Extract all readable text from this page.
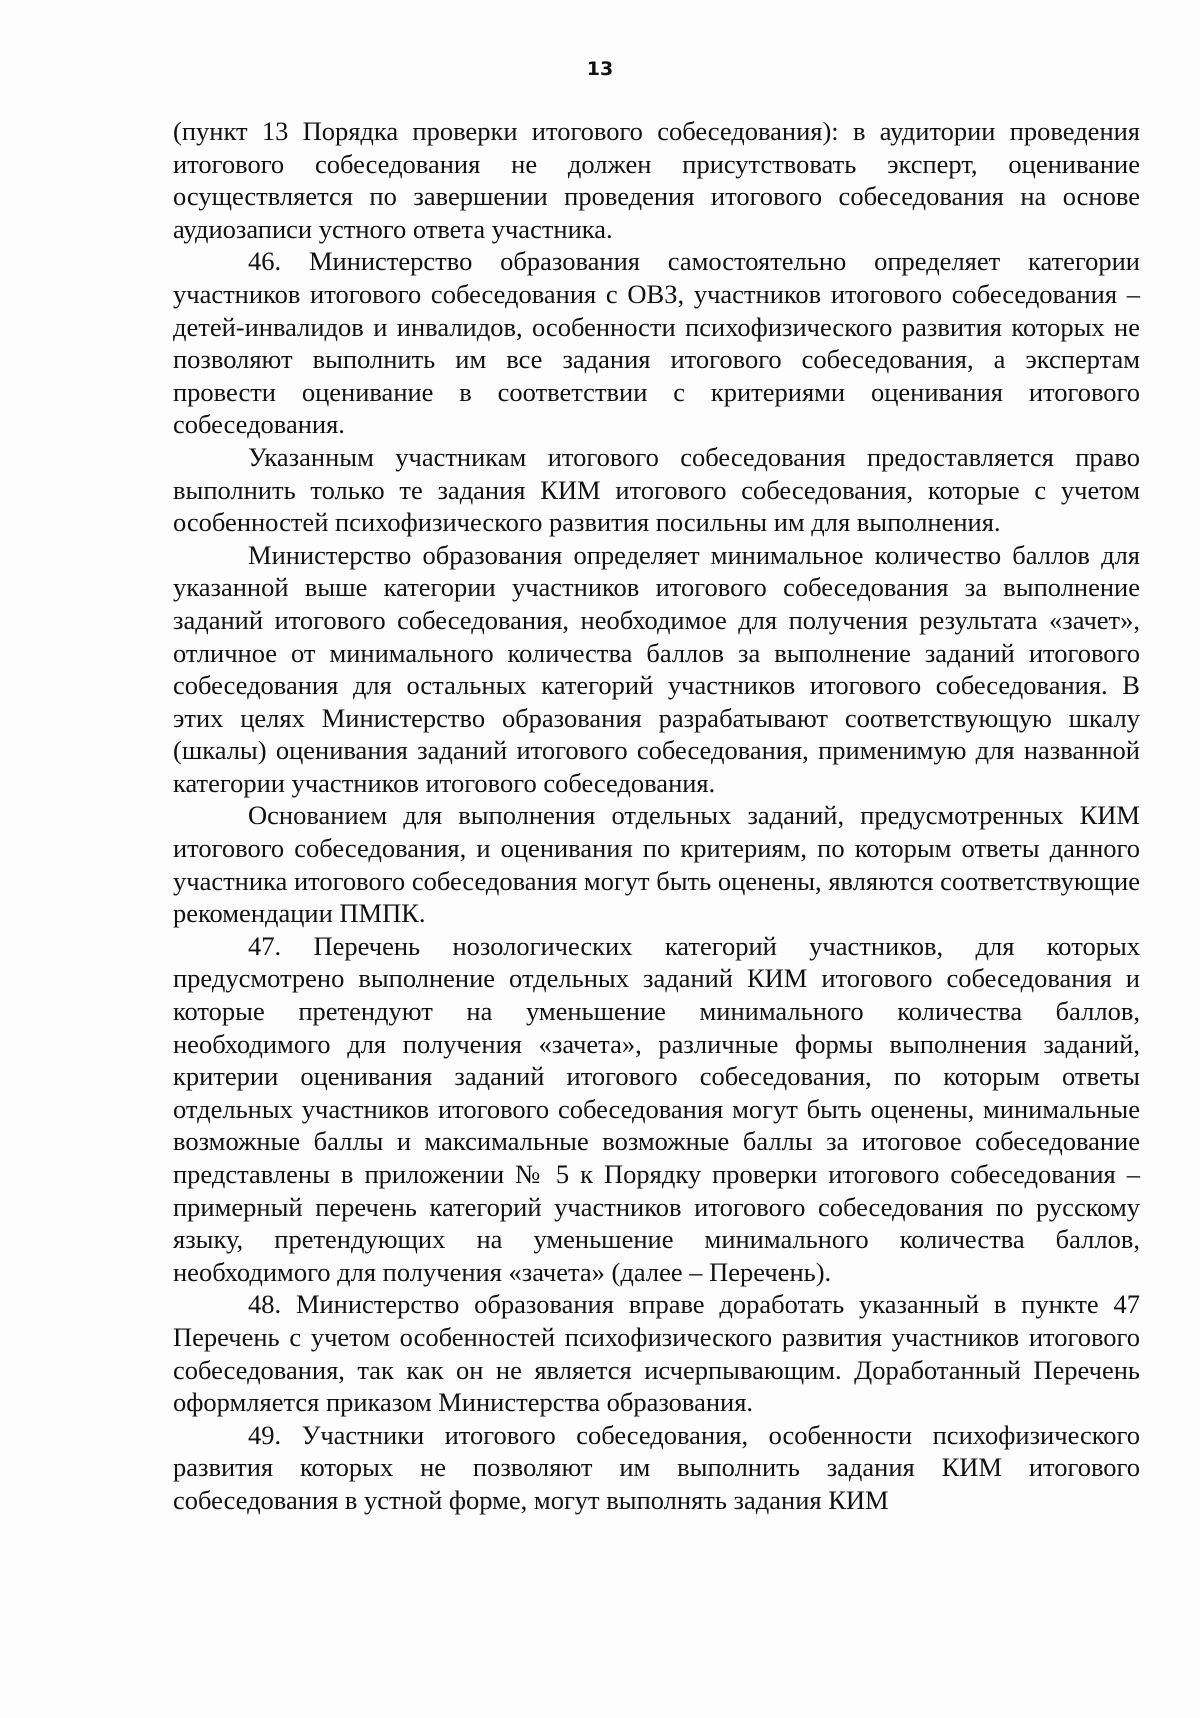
13

(пункт 13 Порядка проверки итогового собеседования): в аудитории проведения итогового собеседования не должен присутствовать эксперт, оценивание осуществляется по завершении проведения итогового собеседования на основе аудиозаписи устного ответа участника.

46. Министерство образования самостоятельно определяет категории участников итогового собеседования с ОВЗ, участников итогового собеседования – детей-инвалидов и инвалидов, особенности психофизического развития которых не позволяют выполнить им все задания итогового собеседования, а экспертам провести оценивание в соответствии с критериями оценивания итогового собеседования.

Указанным участникам итогового собеседования предоставляется право выполнить только те задания КИМ итогового собеседования, которые с учетом особенностей психофизического развития посильны им для выполнения.

Министерство образования определяет минимальное количество баллов для указанной выше категории участников итогового собеседования за выполнение заданий итогового собеседования, необходимое для получения результата «зачет», отличное от минимального количества баллов за выполнение заданий итогового собеседования для остальных категорий участников итогового собеседования. В этих целях Министерство образования разрабатывают соответствующую шкалу (шкалы) оценивания заданий итогового собеседования, применимую для названной категории участников итогового собеседования.

Основанием для выполнения отдельных заданий, предусмотренных КИМ итогового собеседования, и оценивания по критериям, по которым ответы данного участника итогового собеседования могут быть оценены, являются соответствующие рекомендации ПМПК.

47. Перечень нозологических категорий участников, для которых предусмотрено выполнение отдельных заданий КИМ итогового собеседования и которые претендуют на уменьшение минимального количества баллов, необходимого для получения «зачета», различные формы выполнения заданий, критерии оценивания заданий итогового собеседования, по которым ответы отдельных участников итогового собеседования могут быть оценены, минимальные возможные баллы и максимальные возможные баллы за итоговое собеседование представлены в приложении № 5 к Порядку проверки итогового собеседования – примерный перечень категорий участников итогового собеседования по русскому языку, претендующих на уменьшение минимального количества баллов, необходимого для получения «зачета» (далее – Перечень).

48. Министерство образования вправе доработать указанный в пункте 47 Перечень с учетом особенностей психофизического развития участников итогового собеседования, так как он не является исчерпывающим. Доработанный Перечень оформляется приказом Министерства образования.

49. Участники итогового собеседования, особенности психофизического развития которых не позволяют им выполнить задания КИМ итогового собеседования в устной форме, могут выполнять задания КИМ
